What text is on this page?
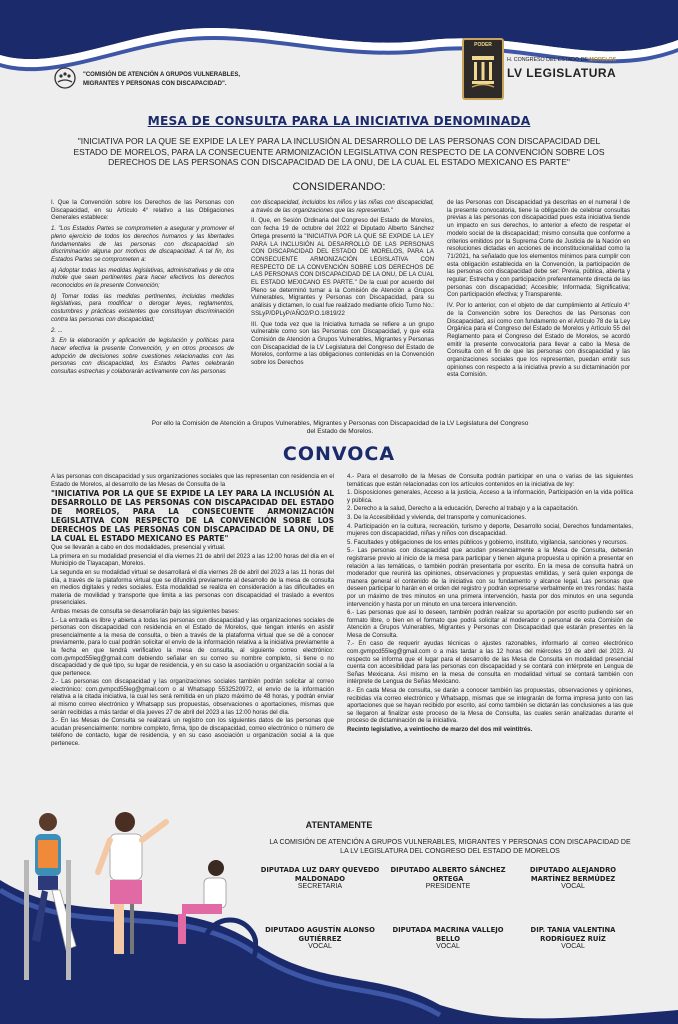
"COMISIÓN DE ATENCIÓN A GRUPOS VULNERABLES, MIGRANTES Y PERSONAS CON DISCAPACIDAD".
PODER
H. CONGRESO DEL ESTADO DE MORELOS
LV LEGISLATURA
MESA DE CONSULTA PARA LA INICIATIVA DENOMINADA
"INICIATIVA POR LA QUE SE EXPIDE LA LEY PARA LA INCLUSIÓN AL DESARROLLO DE LAS PERSONAS CON DISCAPACIDAD DEL ESTADO DE MORELOS, PARA LA CONSECUENTE ARMONIZACIÓN LEGISLATIVA CON RESPECTO DE LA CONVENCIÓN SOBRE LOS DERECHOS DE LAS PERSONAS CON DISCAPACIDAD DE LA ONU, DE LA CUAL EL ESTADO MEXICANO ES PARTE"
CONSIDERANDO:

I. Que la Convención sobre los Derechos de las Personas con Discapacidad, en su Artículo 4° relativo a las Obligaciones Generales establece:

1. "Los Estados Partes se comprometen a asegurar y promover el pleno ejercicio de todos los derechos humanos y las libertades fundamentales de las personas con discapacidad sin discriminación alguna por motivos de discapacidad. A tal fin, los Estados Partes se comprometen a:

a) Adoptar todas las medidas legislativas, administrativas y de otra índole que sean pertinentes para hacer efectivos los derechos reconocidos en la presente Convención;

b) Tomar todas las medidas pertinentes, incluidas medidas legislativas, para modificar o derogar leyes, reglamentos, costumbres y prácticas existentes que constituyan discriminación contra las personas con discapacidad;

2. ...

3. En la elaboración y aplicación de legislación y políticas para hacer efectiva la presente Convención, y en otros procesos de adopción de decisiones sobre cuestiones relacionadas con las personas con discapacidad, los Estados Partes celebrarán consultas estrechas y colaborarán activamente con las personas

con discapacidad, incluidos los niños y las niñas con discapacidad, a través de las organizaciones que las representan."

II. Que, en Sesión Ordinaria del Congreso del Estado de Morelos, con fecha 19 de octubre del 2022 el Diputado Alberto Sánchez Ortega presentó la "INICIATIVA POR LA QUE SE EXPIDE LA LEY PARA LA INCLUSIÓN AL DESARROLLO DE LAS PERSONAS CON DISCAPACIDAD DEL ESTADO DE MORELOS, PARA LA CONSECUENTE ARMONIZACIÓN LEGISLATIVA CON RESPECTO DE LA CONVENCIÓN SOBRE LOS DERECHOS DE LAS PERSONAS CON DISCAPACIDAD DE LA ONU, DE LA CUAL EL ESTADO MEXICANO ES PARTE." De la cual por acuerdo del Pleno se determinó turnar a la Comisión de Atención a Grupos Vulnerables, Migrantes y Personas con Discapacidad, para su análisis y dictamen, lo cual fue realizado mediante oficio Turno No.: SSLyP/DPLyP/AÑO2/P.O.1/819/22

III. Que toda vez que la Iniciativa turnada se refiere a un grupo vulnerable como son las Personas con Discapacidad, y que esta Comisión de Atención a Grupos Vulnerables, Migrantes y Personas con Discapacidad de la LV Legislatura del Congreso del Estado de Morelos, conforme a las obligaciones contenidas en la Convención sobre los Derechos

de las Personas con Discapacidad ya descritas en el numeral I de la presente convocatoria, tiene la obligación de celebrar consultas previas a las personas con discapacidad pues esta iniciativa tiende un impacto en sus derechos, lo anterior a efecto de respetar el modelo social de la discapacidad; mismo consulta que conforme a criterios emitidos por la Suprema Corte de Justicia de la Nación en resoluciones dictadas en acciones de inconstitucionalidad como la 71/2021, ha señalado que los elementos mínimos para cumplir con esta obligación establecida en la Convención, la participación de las personas con discapacidad debe ser: Previa, pública, abierta y regular; Estrecha y con participación preferentemente directa de las personas con discapacidad; Accesible; Informada; Significativa; Con participación efectiva; y Transparente.

IV. Por lo anterior, con el objeto de dar cumplimiento al Artículo 4° de la Convención sobre los Derechos de las Personas con Discapacidad, así como con fundamento en el Artículo 78 de la Ley Orgánica para el Congreso del Estado de Morelos y Artículo 55 del Reglamento para el Congreso del Estado de Morelos, se acordó emitir la presente convocatoria para llevar a cabo la Mesa de Consulta con el fin de que las personas con discapacidad y las organizaciones sociales que los representen, puedan emitir sus opiniones con respecto a la iniciativa previo a su dictaminación por esta Comisión.

Por ello la Comisión de Atención a Grupos Vulnerables, Migrantes y Personas con Discapacidad de la LV Legislatura del Congreso del Estado de Morelos.
CONVOCA

A las personas con discapacidad y sus organizaciones sociales que las representan con residencia en el Estado de Morelos, al desarrollo de las Mesas de Consulta de la

"INICIATIVA POR LA QUE SE EXPIDE LA LEY PARA LA INCLUSIÓN AL DESARROLLO DE LAS PERSONAS CON DISCAPACIDAD DEL ESTADO DE MORELOS, PARA LA CONSECUENTE ARMONIZACIÓN LEGISLATIVA CON RESPECTO DE LA CONVENCIÓN SOBRE LOS DERECHOS DE LAS PERSONAS CON DISCAPACIDAD DE LA ONU, DE LA CUAL EL ESTADO MEXICANO ES PARTE"

Que se llevarán a cabo en dos modalidades, presencial y virtual.

La primera en su modalidad presencial el día viernes 21 de abril del 2023 a las 12:00 horas del día en el Municipio de Tlayacapan, Morelos.

La segunda en su modalidad virtual se desarrollará el día viernes 28 de abril del 2023 a las 11 horas del día, a través de la plataforma virtual que se difundirá previamente al desarrollo de la mesa de consulta en medios digitales y redes sociales. Esta modalidad se realiza en consideración a las dificultades en materia de movilidad y transporte que limita a las personas con discapacidad el traslado a eventos presenciales.

Ambas mesas de consulta se desarrollarán bajo las siguientes bases:

1.- La entrada es libre y abierta a todas las personas con discapacidad y las organizaciones sociales de personas con discapacidad con residencia en el Estado de Morelos, que tengan interés en asistir presencialmente a la mesa de consulta, o bien a través de la plataforma virtual que se dé a conocer previamente, para lo cual podrán solicitar el envío de la información relativa a la iniciativa previamente a la fecha en que tendrá verificativo la mesa de consulta, al siguiente correo electrónico: com.gvmpcd55leg@gmail.com debiendo señalar en su correo su nombre completo, si tiene o no discapacidad y de qué tipo, su lugar de residencia, y en su caso la asociación u organización social a la que pertenece.

2.- Las personas con discapacidad y las organizaciones sociales también podrán solicitar al correo electrónico: com.gvmpcd55leg@gmail.com o al Whatsapp 5532520972, el envío de la información relativa a la citada iniciativa, la cual les será remitida en un plazo máximo de 48 horas, y podrán enviar al mismo correo electrónico y Whatsapp sus propuestas, observaciones o aportaciones, mismas que serán recibidas a más tardar el día jueves 27 de abril del 2023 a las 12:00 horas del día.

3.- En las Mesas de Consulta se realizará un registro con los siguientes datos de las personas que acudan presencialmente: nombre completo, firma, tipo de discapacidad, correo electrónico o número de teléfono de contacto, lugar de residencia, y en su caso asociación u organización social a la que pertenece.

4.- Para el desarrollo de la Mesas de Consulta podrán participar en una o varias de las siguientes temáticas que están relacionadas con los artículos contenidos en la iniciativa de ley:

1. Disposiciones generales, Acceso a la justicia, Acceso a la información, Participación en la vida política y pública.

2. Derecho a la salud, Derecho a la educación, Derecho al trabajo y a la capacitación.

3. De la Accesibilidad y vivienda, del transporte y comunicaciones.

4. Participación en la cultura, recreación, turismo y deporte, Desarrollo social, Derechos fundamentales, mujeres con discapacidad, niñas y niños con discapacidad.

5. Facultades y obligaciones de los entes públicos y gobierno, instituto, vigilancia, sanciones y recursos.

5.- Las personas con discapacidad que acudan presencialmente a la Mesa de Consulta, deberán registrarse previo al inicio de la mesa para participar y tienen alguna propuesta u opinión a presentar en relación a las temáticas, o también podrán presentarla por escrito. En la mesa de consulta habrá un moderador que reunirá las opiniones, observaciones y propuestas emitidas, y será quien exponga de manera general el contenido de la iniciativa con su fundamento y alcance legal. Las personas que deseen participar lo harán en el orden del registro y podrán expresarse verbalmente en tres rondas: hasta por un máximo de tres minutos en una primera intervención, hasta por dos minutos en una segunda intervención y hasta por un minuto en una tercera intervención.

6.- Las personas que así lo deseen, también podrán realizar su aportación por escrito pudiendo ser en formato libre, o bien en el formato que podrá solicitar al moderador o personal de esta Comisión de Atención a Grupos Vulnerables, Migrantes y Personas con Discapacidad que estarán presentes en la Mesa de Consulta.

7.- En caso de requerir ayudas técnicas o ajustes razonables, informarlo al correo electrónico com.gvmpcd55leg@gmail.com o a más tardar a las 12 horas del miércoles 19 de abril del 2023. Al respecto se informa que el lugar para el desarrollo de las Mesa de Consulta en modalidad presencial cuenta con accesibilidad para las personas con discapacidad y se contará con intérprete en Lengua de Señas Mexicana. Así mismo en la mesa de consulta en modalidad virtual se contará también con intérprete de Lengua de Señas Mexicano.

8.- En cada Mesa de consulta, se darán a conocer también las propuestas, observaciones y opiniones, recibidas vía correo electrónico y Whatsapp, mismas que se integrarán de forma impresa junto con las aportaciones que se hayan recibido por escrito, así como también se dictarán las conclusiones a las que se llegaron al finalizar este proceso de la Mesa de Consulta, las cuales serán analizadas durante el proceso de dictaminación de la iniciativa.

Recinto legislativo, a veintiocho de marzo del dos mil veintitrés.

ATENTAMENTE
LA COMISIÓN DE ATENCIÓN A GRUPOS VULNERABLES, MIGRANTES Y PERSONAS CON DISCAPACIDAD DE LA LV LEGISLATURA DEL CONGRESO DEL ESTADO DE MORELOS
DIPUTADA LUZ DARY QUEVEDO MALDONADO
SECRETARIA
DIPUTADO ALBERTO SÁNCHEZ ORTEGA
PRESIDENTE
DIPUTADO ALEJANDRO MARTÍNEZ BERMÚDEZ
VOCAL
DIPUTADO AGUSTÍN ALONSO GUTIÉRREZ
VOCAL
DIPUTADA MACRINA VALLEJO BELLO
VOCAL
DIP. TANIA VALENTINA RODRÍGUEZ RUÍZ
VOCAL
